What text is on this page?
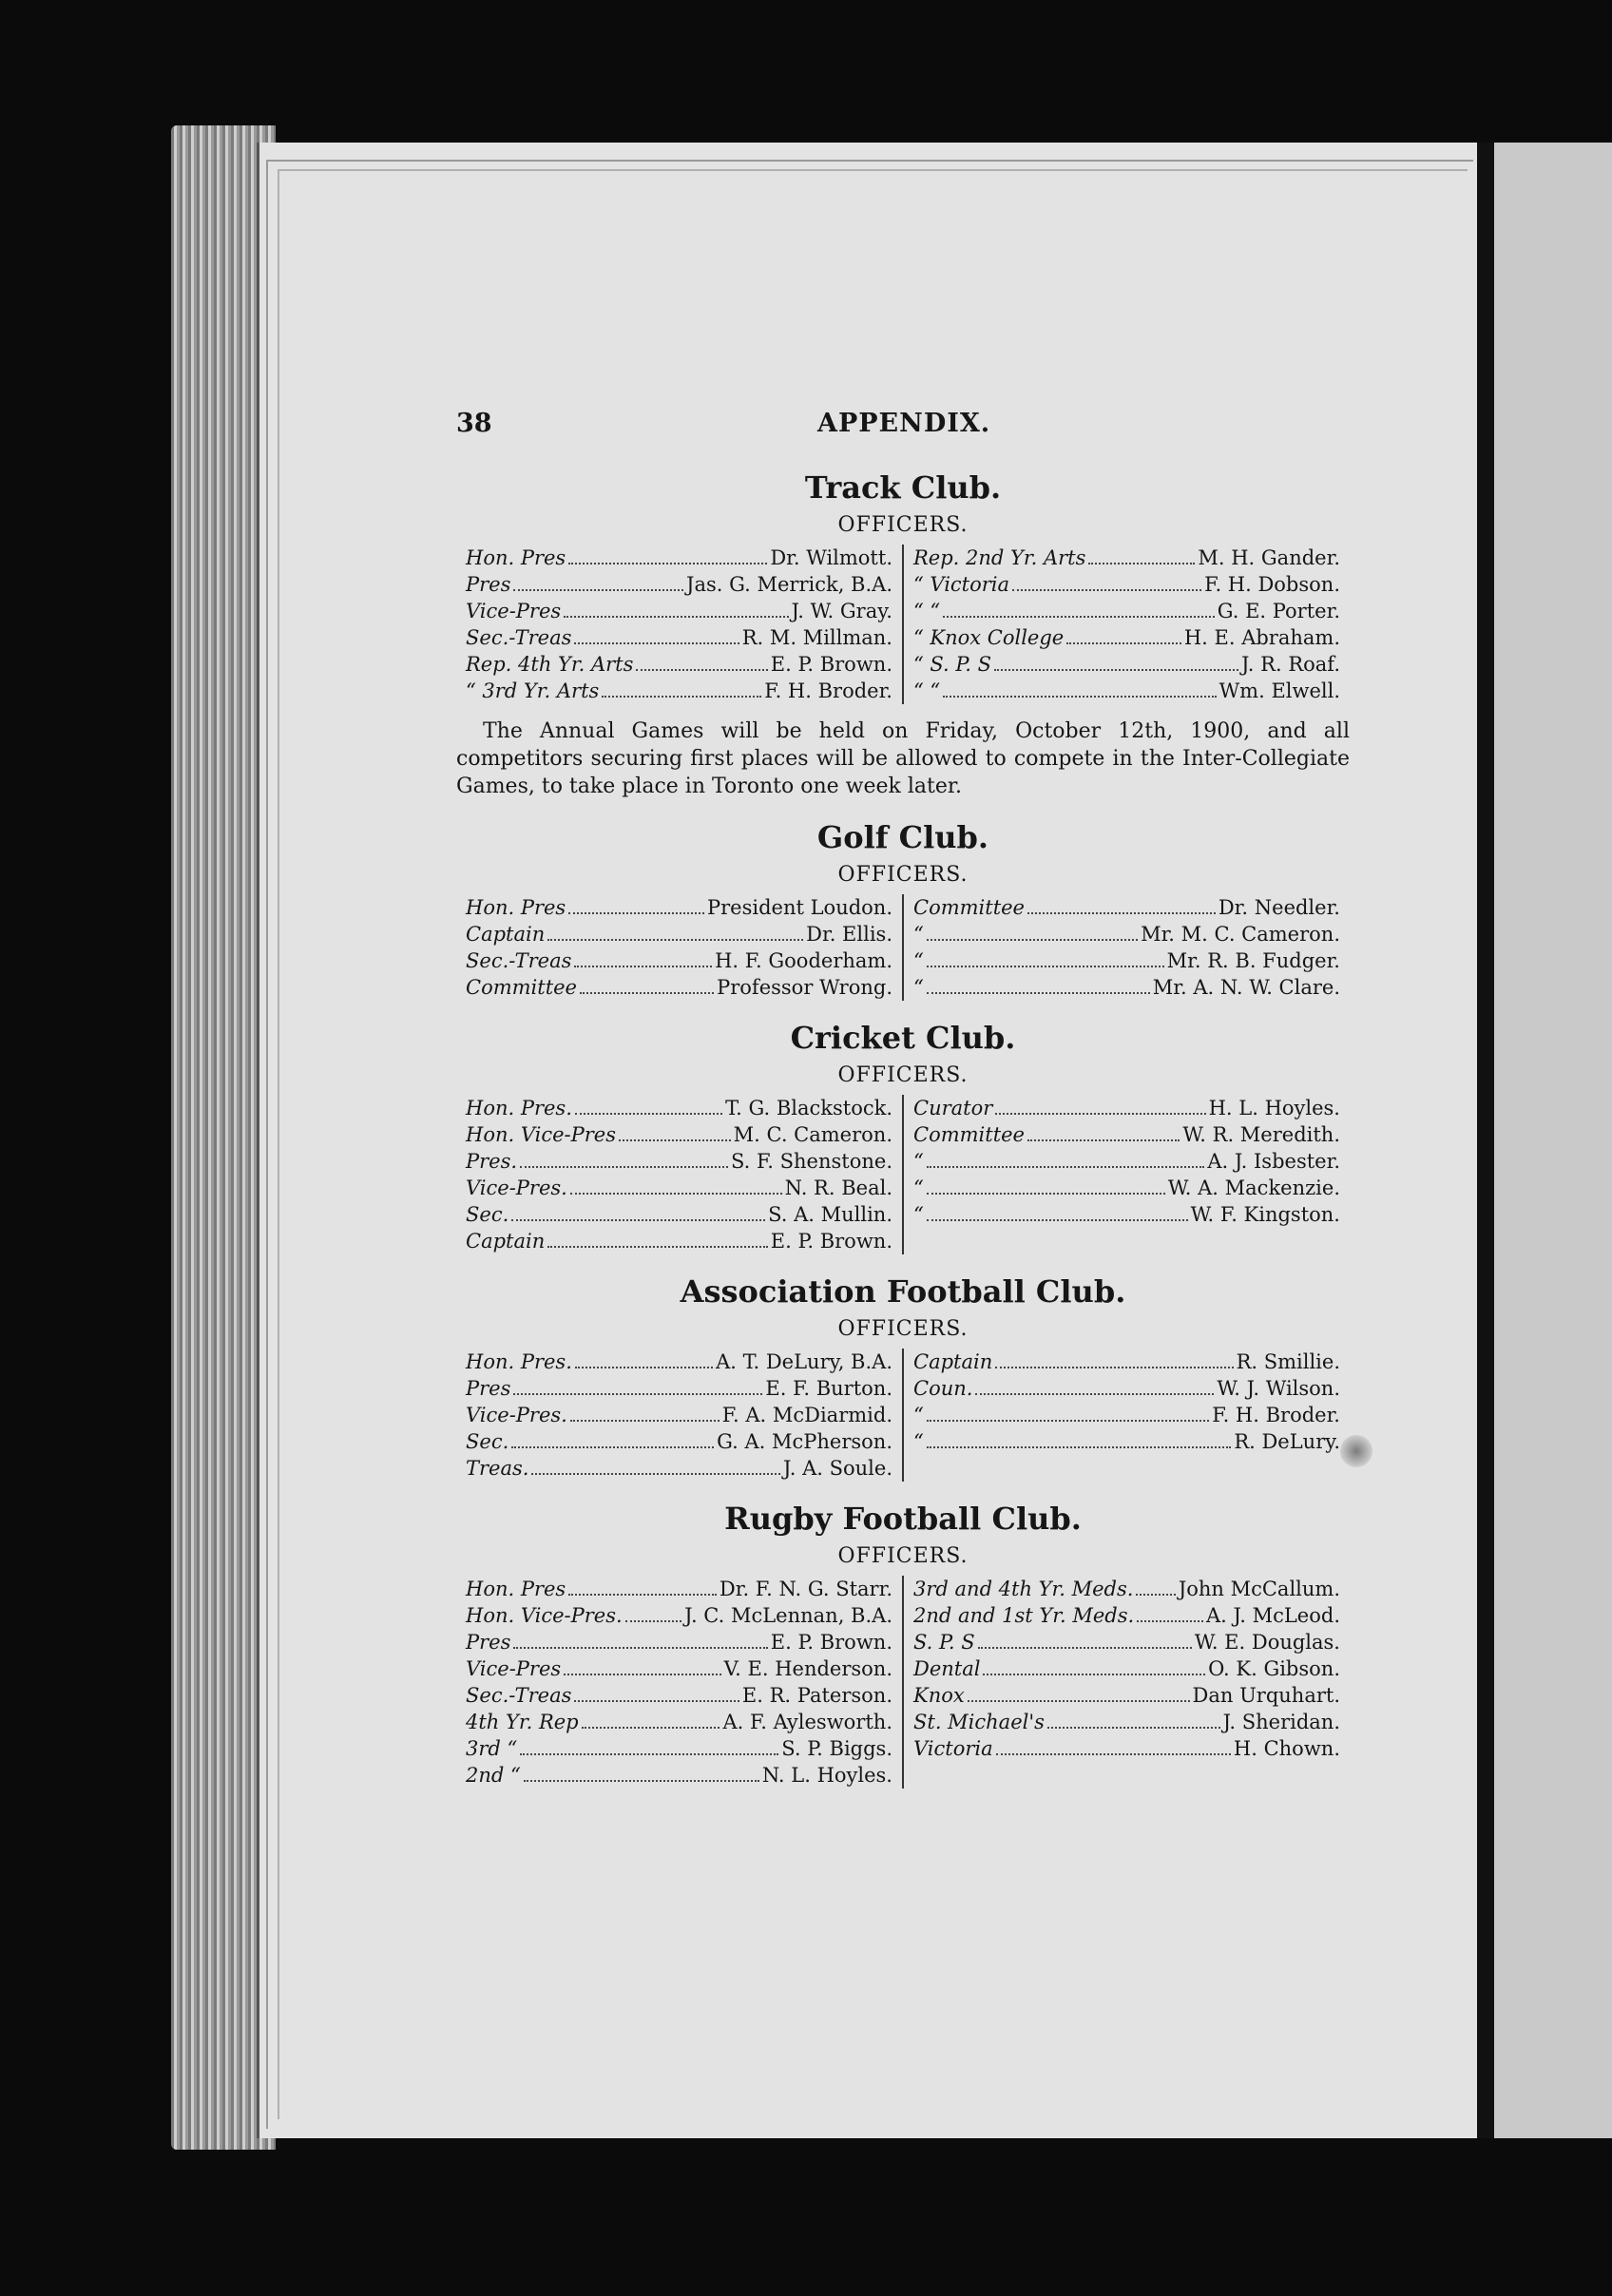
38	APPENDIX.
Track Club.
OFFICERS.
Hon. Pres	Dr. Wilmott.
Pres	Jas. G. Merrick, B.A.
Vice-Pres	J. W. Gray.
Sec.-Treas	R. M. Millman.
Rep. 4th Yr. Arts	E. P. Brown.
“ 3rd Yr. Arts	F. H. Broder.
Rep. 2nd Yr. Arts	M. H. Gander.
“ Victoria	F. H. Dobson.
“ “	G. E. Porter.
“ Knox College	H. E. Abraham.
“ S. P. S	J. R. Roaf.
“ “	Wm. Elwell.
The Annual Games will be held on Friday, October 12th, 1900, and all competitors securing first places will be allowed to compete in the Inter-Collegiate Games, to take place in Toronto one week later.
Golf Club.
OFFICERS.
Hon. Pres	President Loudon.
Captain	Dr. Ellis.
Sec.-Treas	H. F. Gooderham.
Committee	Professor Wrong.
Committee	Dr. Needler.
“	Mr. M. C. Cameron.
“	Mr. R. B. Fudger.
“	Mr. A. N. W. Clare.
Cricket Club.
OFFICERS.
Hon. Pres.	T. G. Blackstock.
Hon. Vice-Pres	M. C. Cameron.
Pres.	S. F. Shenstone.
Vice-Pres.	N. R. Beal.
Sec.	S. A. Mullin.
Captain	E. P. Brown.
Curator	H. L. Hoyles.
Committee	W. R. Meredith.
“	A. J. Isbester.
“	W. A. Mackenzie.
“	W. F. Kingston.
Association Football Club.
OFFICERS.
Hon. Pres.	A. T. DeLury, B.A.
Pres	E. F. Burton.
Vice-Pres.	F. A. McDiarmid.
Sec.	G. A. McPherson.
Treas.	J. A. Soule.
Captain	R. Smillie.
Coun.	W. J. Wilson.
“	F. H. Broder.
“	R. DeLury.
Rugby Football Club.
OFFICERS.
Hon. Pres	Dr. F. N. G. Starr.
Hon. Vice-Pres.	J. C. McLennan, B.A.
Pres	E. P. Brown.
Vice-Pres	V. E. Henderson.
Sec.-Treas	E. R. Paterson.
4th Yr. Rep	A. F. Aylesworth.
3rd “	S. P. Biggs.
2nd “	N. L. Hoyles.
3rd and 4th Yr. Meds. John McCallum.
2nd and 1st Yr. Meds.	A. J. McLeod.
S. P. S	W. E. Douglas.
Dental	O. K. Gibson.
Knox	Dan Urquhart.
St. Michael's	J. Sheridan.
Victoria	H. Chown.
